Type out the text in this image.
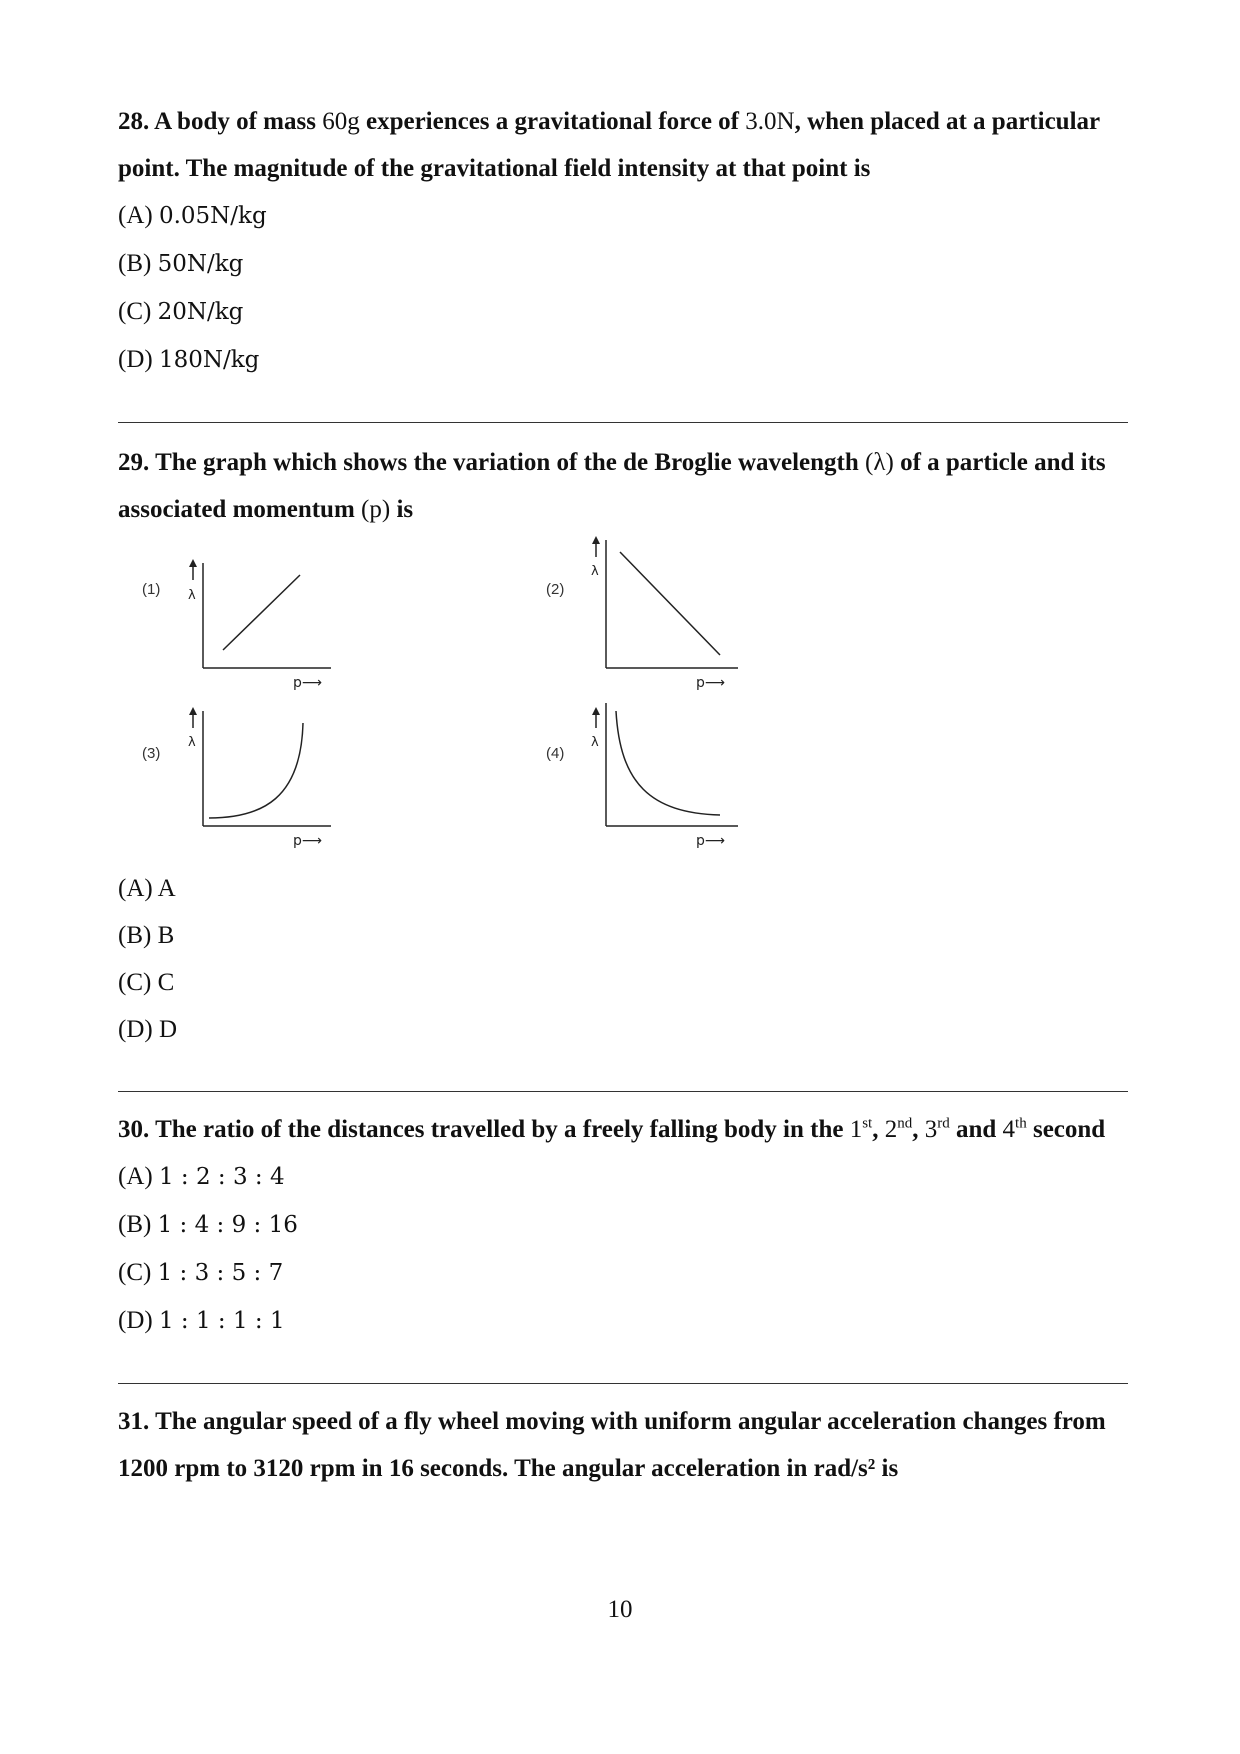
28. A body of mass 60g experiences a gravitational force of 3.0N, when placed at a particular point. The magnitude of the gravitational field intensity at that point is

(A) 0.05N/kg

(B) 50N/kg

(C) 20N/kg

(D) 180N/kg

29. The graph which shows the variation of the de Broglie wavelength (λ) of a particle and its associated momentum (p) is

(1) λ
p⟶
(2)
λ
p⟶
(3)
λ
p⟶
(4)
λ
p⟶

(A) A

(B) B

(C) C

(D) D

30. The ratio of the distances travelled by a freely falling body in the 1st, 2nd, 3rd and 4th second

(A) 1 : 2 : 3 : 4

(B) 1 : 4 : 9 : 16

(C) 1 : 3 : 5 : 7

(D) 1 : 1 : 1 : 1

31. The angular speed of a fly wheel moving with uniform angular acceleration changes from 1200 rpm to 3120 rpm in 16 seconds. The angular acceleration in rad/s² is

10
